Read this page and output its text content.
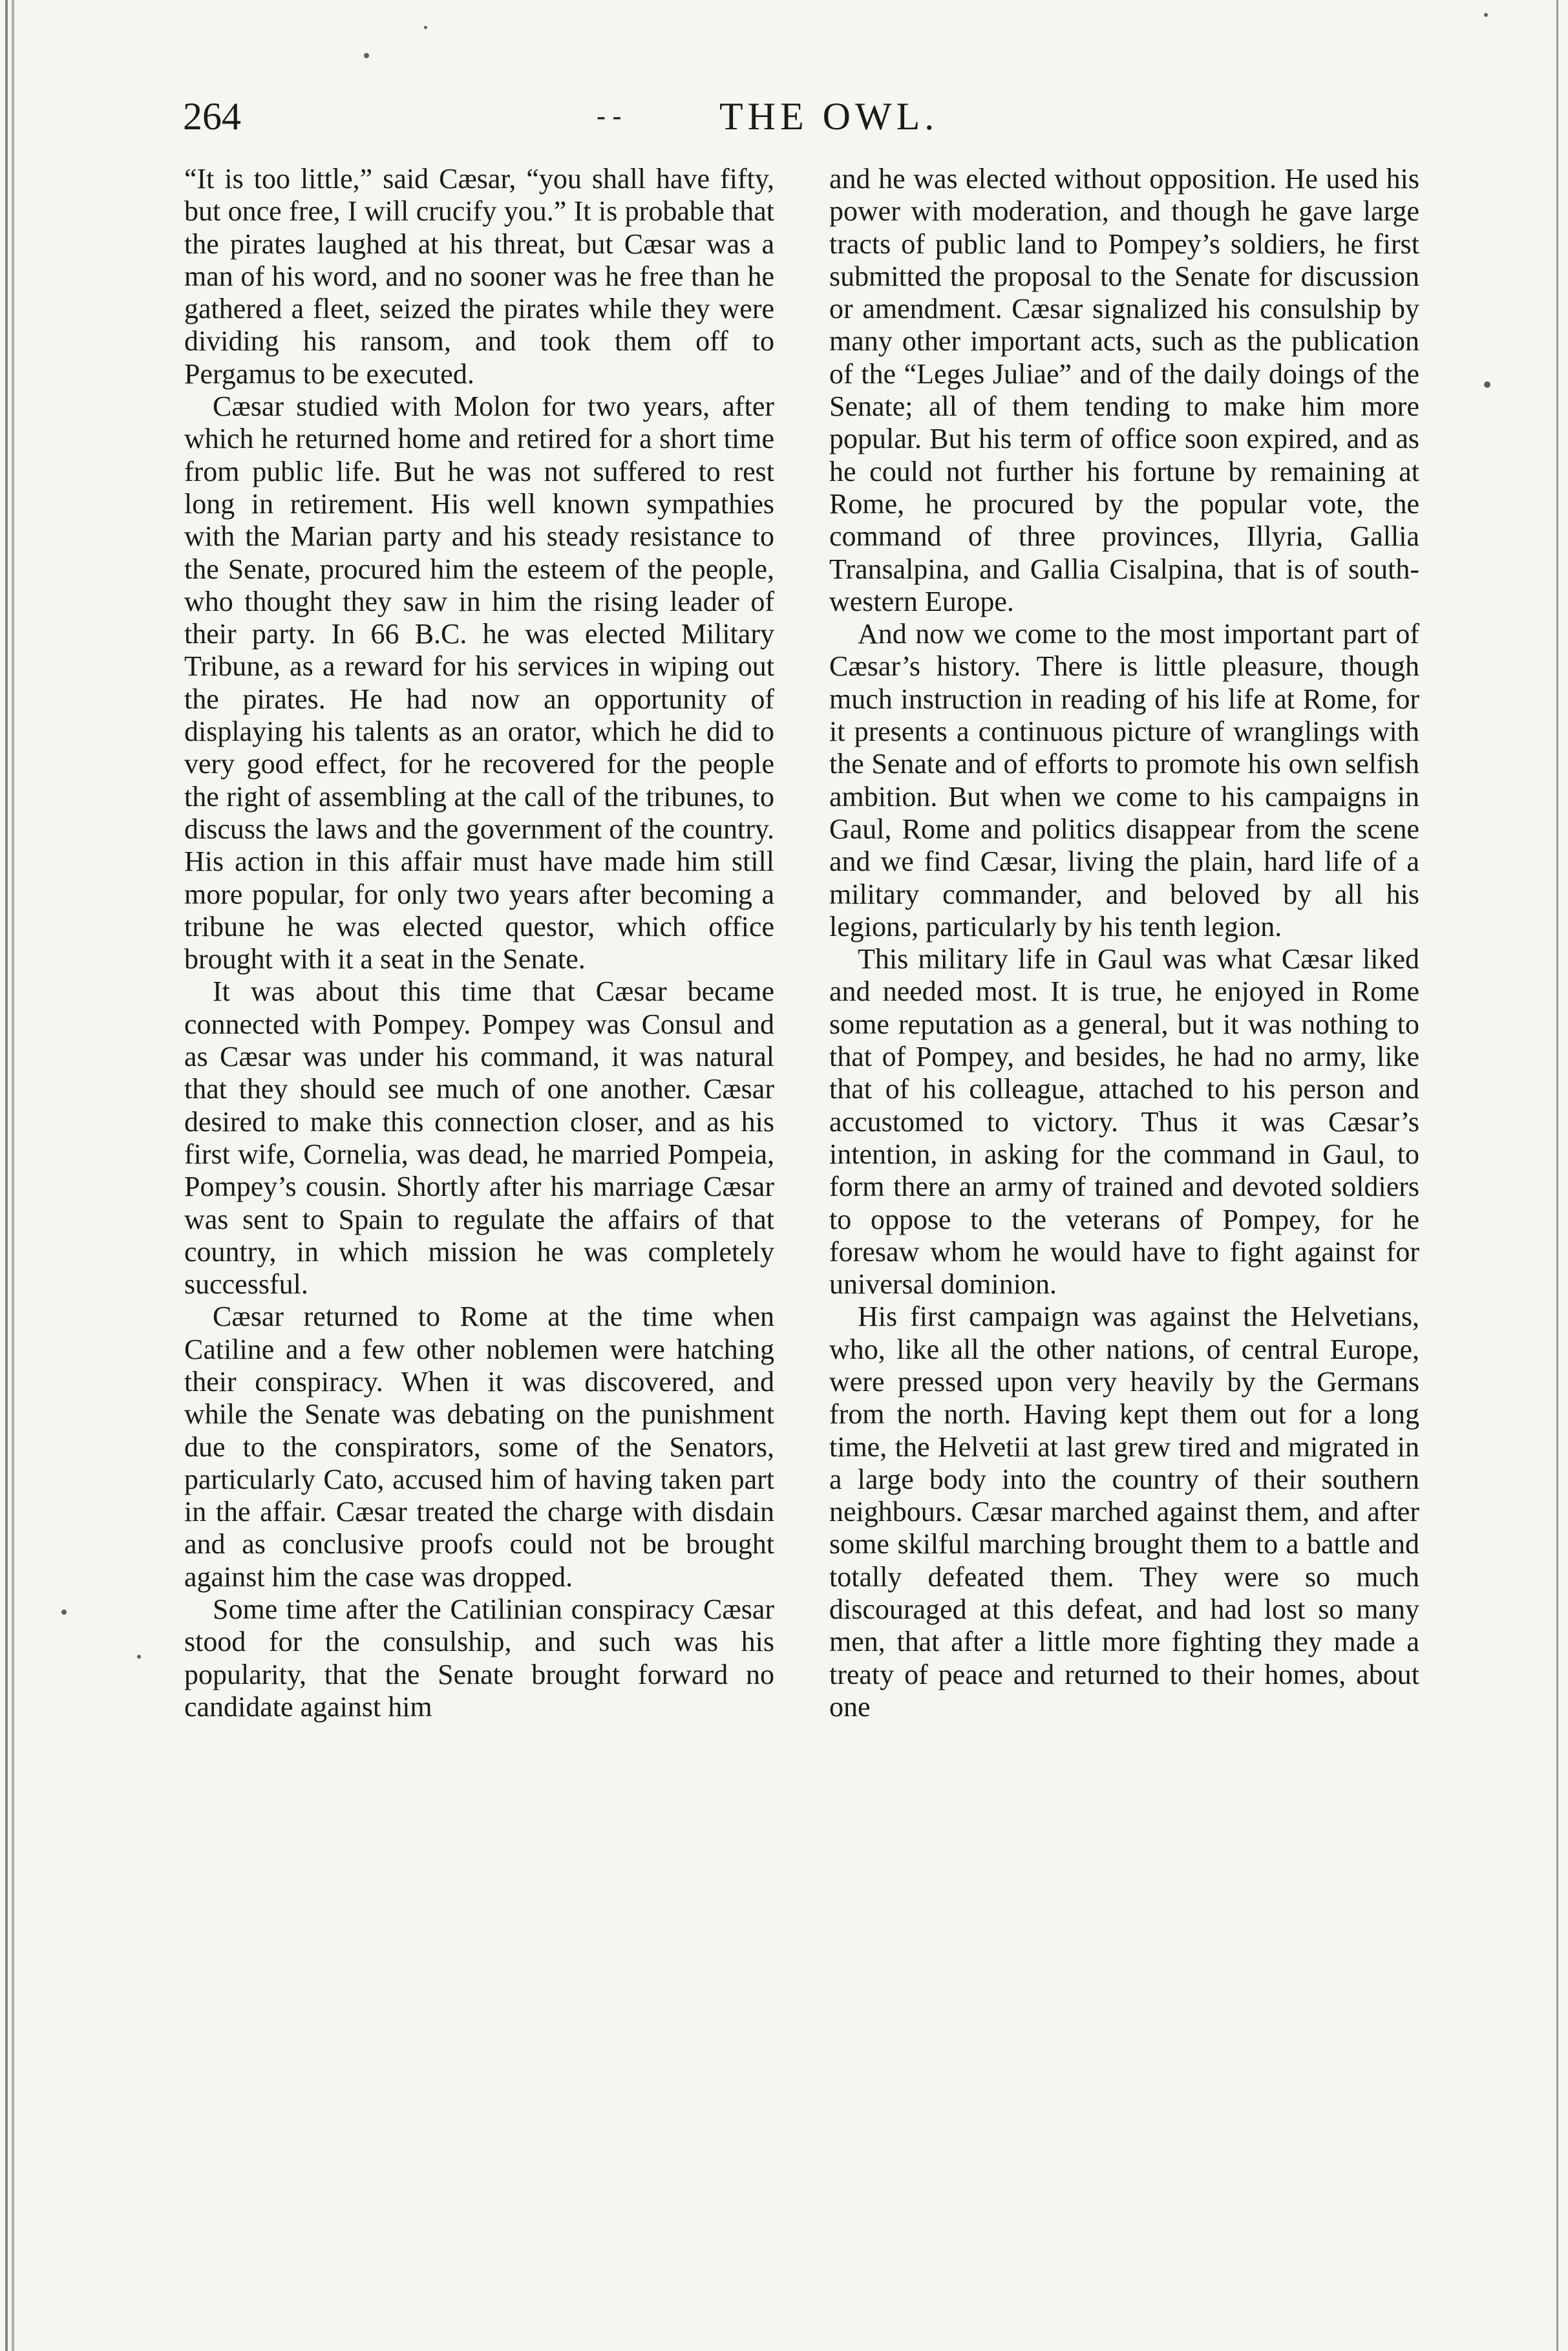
264	- -	THE OWL.

“It is too little,” said Cæsar, “you shall have fifty, but once free, I will crucify you.” It is probable that the pirates laughed at his threat, but Cæsar was a man of his word, and no sooner was he free than he gathered a fleet, seized the pirates while they were dividing his ransom, and took them off to Pergamus to be executed.

Cæsar studied with Molon for two years, after which he returned home and retired for a short time from public life. But he was not suffered to rest long in retirement. His well known sympathies with the Marian party and his steady resistance to the Senate, procured him the esteem of the people, who thought they saw in him the rising leader of their party. In 66 B.C. he was elected Military Tribune, as a reward for his services in wiping out the pirates. He had now an opportunity of displaying his talents as an orator, which he did to very good effect, for he recovered for the people the right of assembling at the call of the tribunes, to discuss the laws and the government of the country. His action in this affair must have made him still more popular, for only two years after becoming a tribune he was elected questor, which office brought with it a seat in the Senate.

It was about this time that Cæsar became connected with Pompey. Pompey was Consul and as Cæsar was under his command, it was natural that they should see much of one another. Cæsar desired to make this connection closer, and as his first wife, Cornelia, was dead, he married Pompeia, Pompey’s cousin. Shortly after his marriage Cæsar was sent to Spain to regulate the affairs of that country, in which mission he was completely successful.

Cæsar returned to Rome at the time when Catiline and a few other noblemen were hatching their conspiracy. When it was discovered, and while the Senate was debating on the punishment due to the conspirators, some of the Senators, particularly Cato, accused him of having taken part in the affair. Cæsar treated the charge with disdain and as conclusive proofs could not be brought against him the case was dropped.

Some time after the Catilinian conspiracy Cæsar stood for the consulship, and such was his popularity, that the Senate brought forward no candidate against him

and he was elected without opposition. He used his power with moderation, and though he gave large tracts of public land to Pompey’s soldiers, he first submitted the proposal to the Senate for discussion or amendment. Cæsar signalized his consulship by many other important acts, such as the publication of the “Leges Juliae” and of the daily doings of the Senate; all of them tending to make him more popular. But his term of office soon expired, and as he could not further his fortune by remaining at Rome, he procured by the popular vote, the command of three provinces, Illyria, Gallia Transalpina, and Gallia Cisalpina, that is of south-western Europe.

And now we come to the most important part of Cæsar’s history. There is little pleasure, though much instruction in reading of his life at Rome, for it presents a continuous picture of wranglings with the Senate and of efforts to promote his own selfish ambition. But when we come to his campaigns in Gaul, Rome and politics disappear from the scene and we find Cæsar, living the plain, hard life of a military commander, and beloved by all his legions, particularly by his tenth legion.

This military life in Gaul was what Cæsar liked and needed most. It is true, he enjoyed in Rome some reputation as a general, but it was nothing to that of Pompey, and besides, he had no army, like that of his colleague, attached to his person and accustomed to victory. Thus it was Cæsar’s intention, in asking for the command in Gaul, to form there an army of trained and devoted soldiers to oppose to the veterans of Pompey, for he foresaw whom he would have to fight against for universal dominion.

His first campaign was against the Helvetians, who, like all the other nations, of central Europe, were pressed upon very heavily by the Germans from the north. Having kept them out for a long time, the Helvetii at last grew tired and migrated in a large body into the country of their southern neighbours. Cæsar marched against them, and after some skilful marching brought them to a battle and totally defeated them. They were so much discouraged at this defeat, and had lost so many men, that after a little more fighting they made a treaty of peace and returned to their homes, about one
